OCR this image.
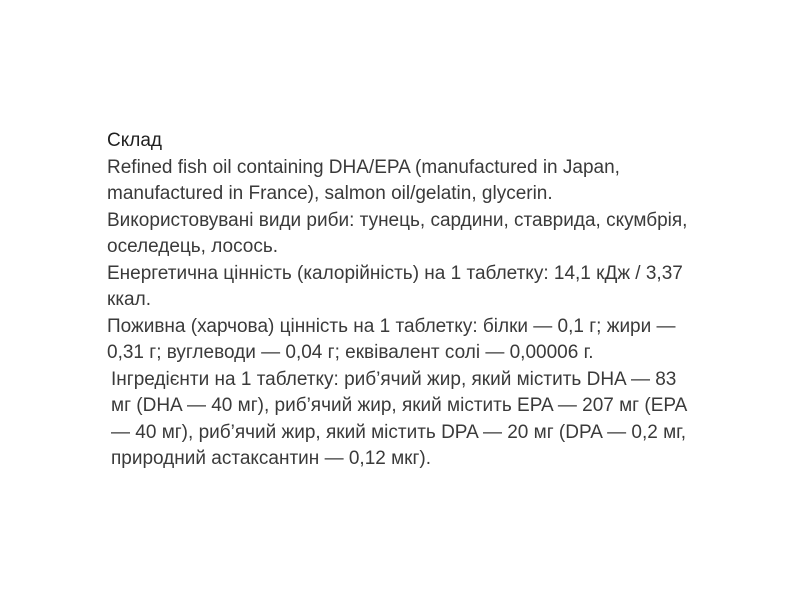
Склад

Refined fish oil containing DHA/EPA (manufactured in Japan, manufactured in France), salmon oil/gelatin, glycerin.

Використовувані види риби: тунець, сардини, ставрида, скумбрія, оселедець, лосось.

Енергетична цінність (калорійність) на 1 таблетку: 14,1 кДж / 3,37 ккал.

Поживна (харчова) цінність на 1 таблетку: білки — 0,1 г; жири — 0,31 г; вуглеводи — 0,04 г; еквівалент солі — 0,00006 г.

Інгредієнти на 1 таблетку: риб’ячий жир, який містить DHA — 83 мг (DHA — 40 мг), риб’ячий жир, який містить EPA — 207 мг (EPA — 40 мг), риб’ячий жир, який містить DPA — 20 мг (DPA — 0,2 мг, природний астаксантин — 0,12 мкг).
